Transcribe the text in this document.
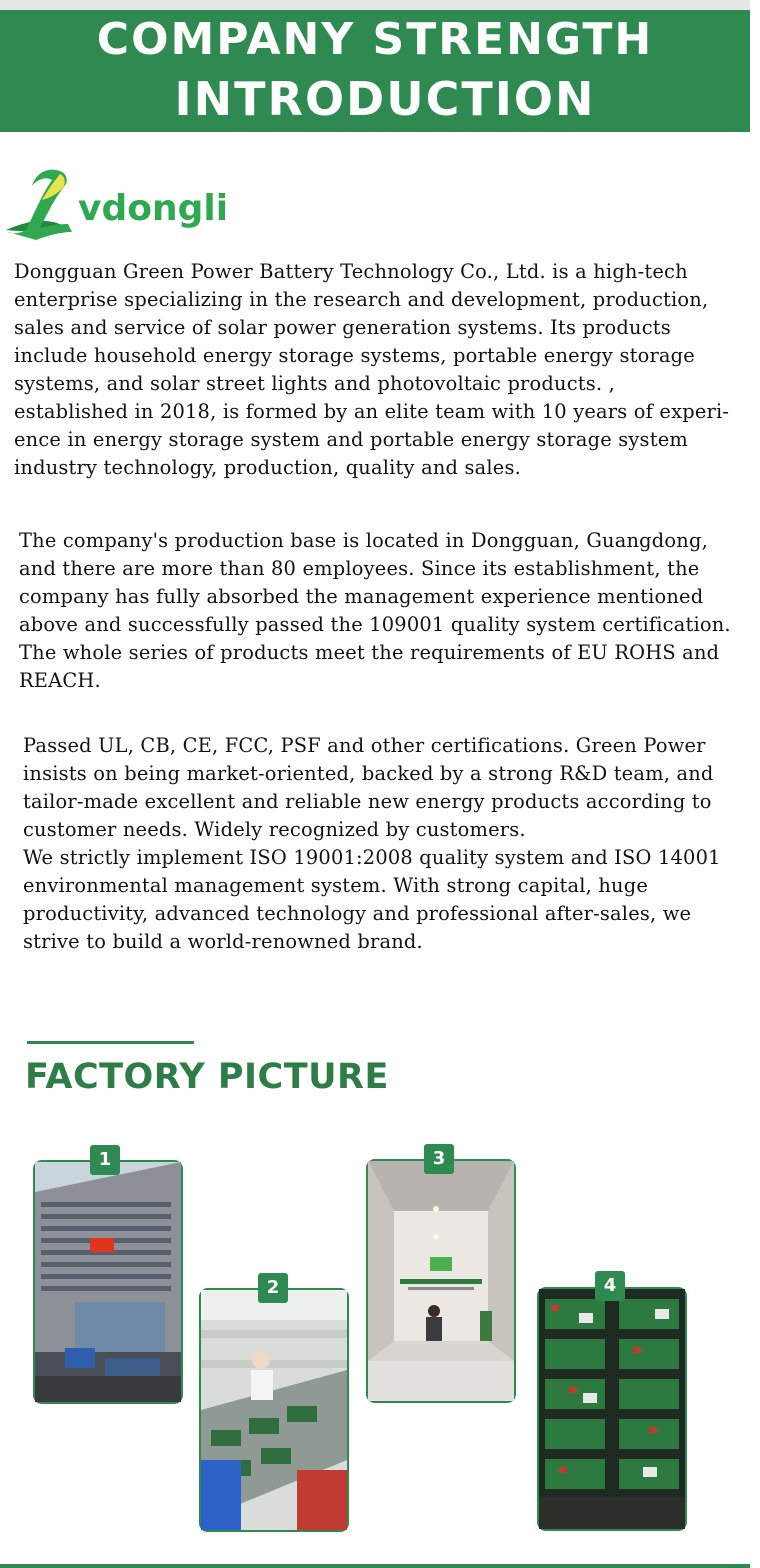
COMPANY STRENGTH
INTRODUCTION
vdongli

Dongguan Green Power Battery Technology Co., Ltd. is a high-tech enterprise specializing in the research and development, production, sales and service of solar power generation systems. Its products include household energy storage systems, portable energy storage systems, and solar street lights and photovoltaic products. , established in 2018, is formed by an elite team with 10 years of experience in energy storage system and portable energy storage system industry technology, production, quality and sales.

The company's production base is located in Dongguan, Guangdong, and there are more than 80 employees. Since its establishment, the company has fully absorbed the management experience mentioned above and successfully passed the 109001 quality system certification. The whole series of products meet the requirements of EU ROHS and REACH.

Passed UL, CB, CE, FCC, PSF and other certifications. Green Power insists on being market-oriented, backed by a strong R&D team, and tailor-made excellent and reliable new energy products according to customer needs. Widely recognized by customers.
We strictly implement ISO 19001:2008 quality system and ISO 14001 environmental management system. With strong capital, huge productivity, advanced technology and professional after-sales, we strive to build a world-renowned brand.
FACTORY PICTURE
1
2
3
4
